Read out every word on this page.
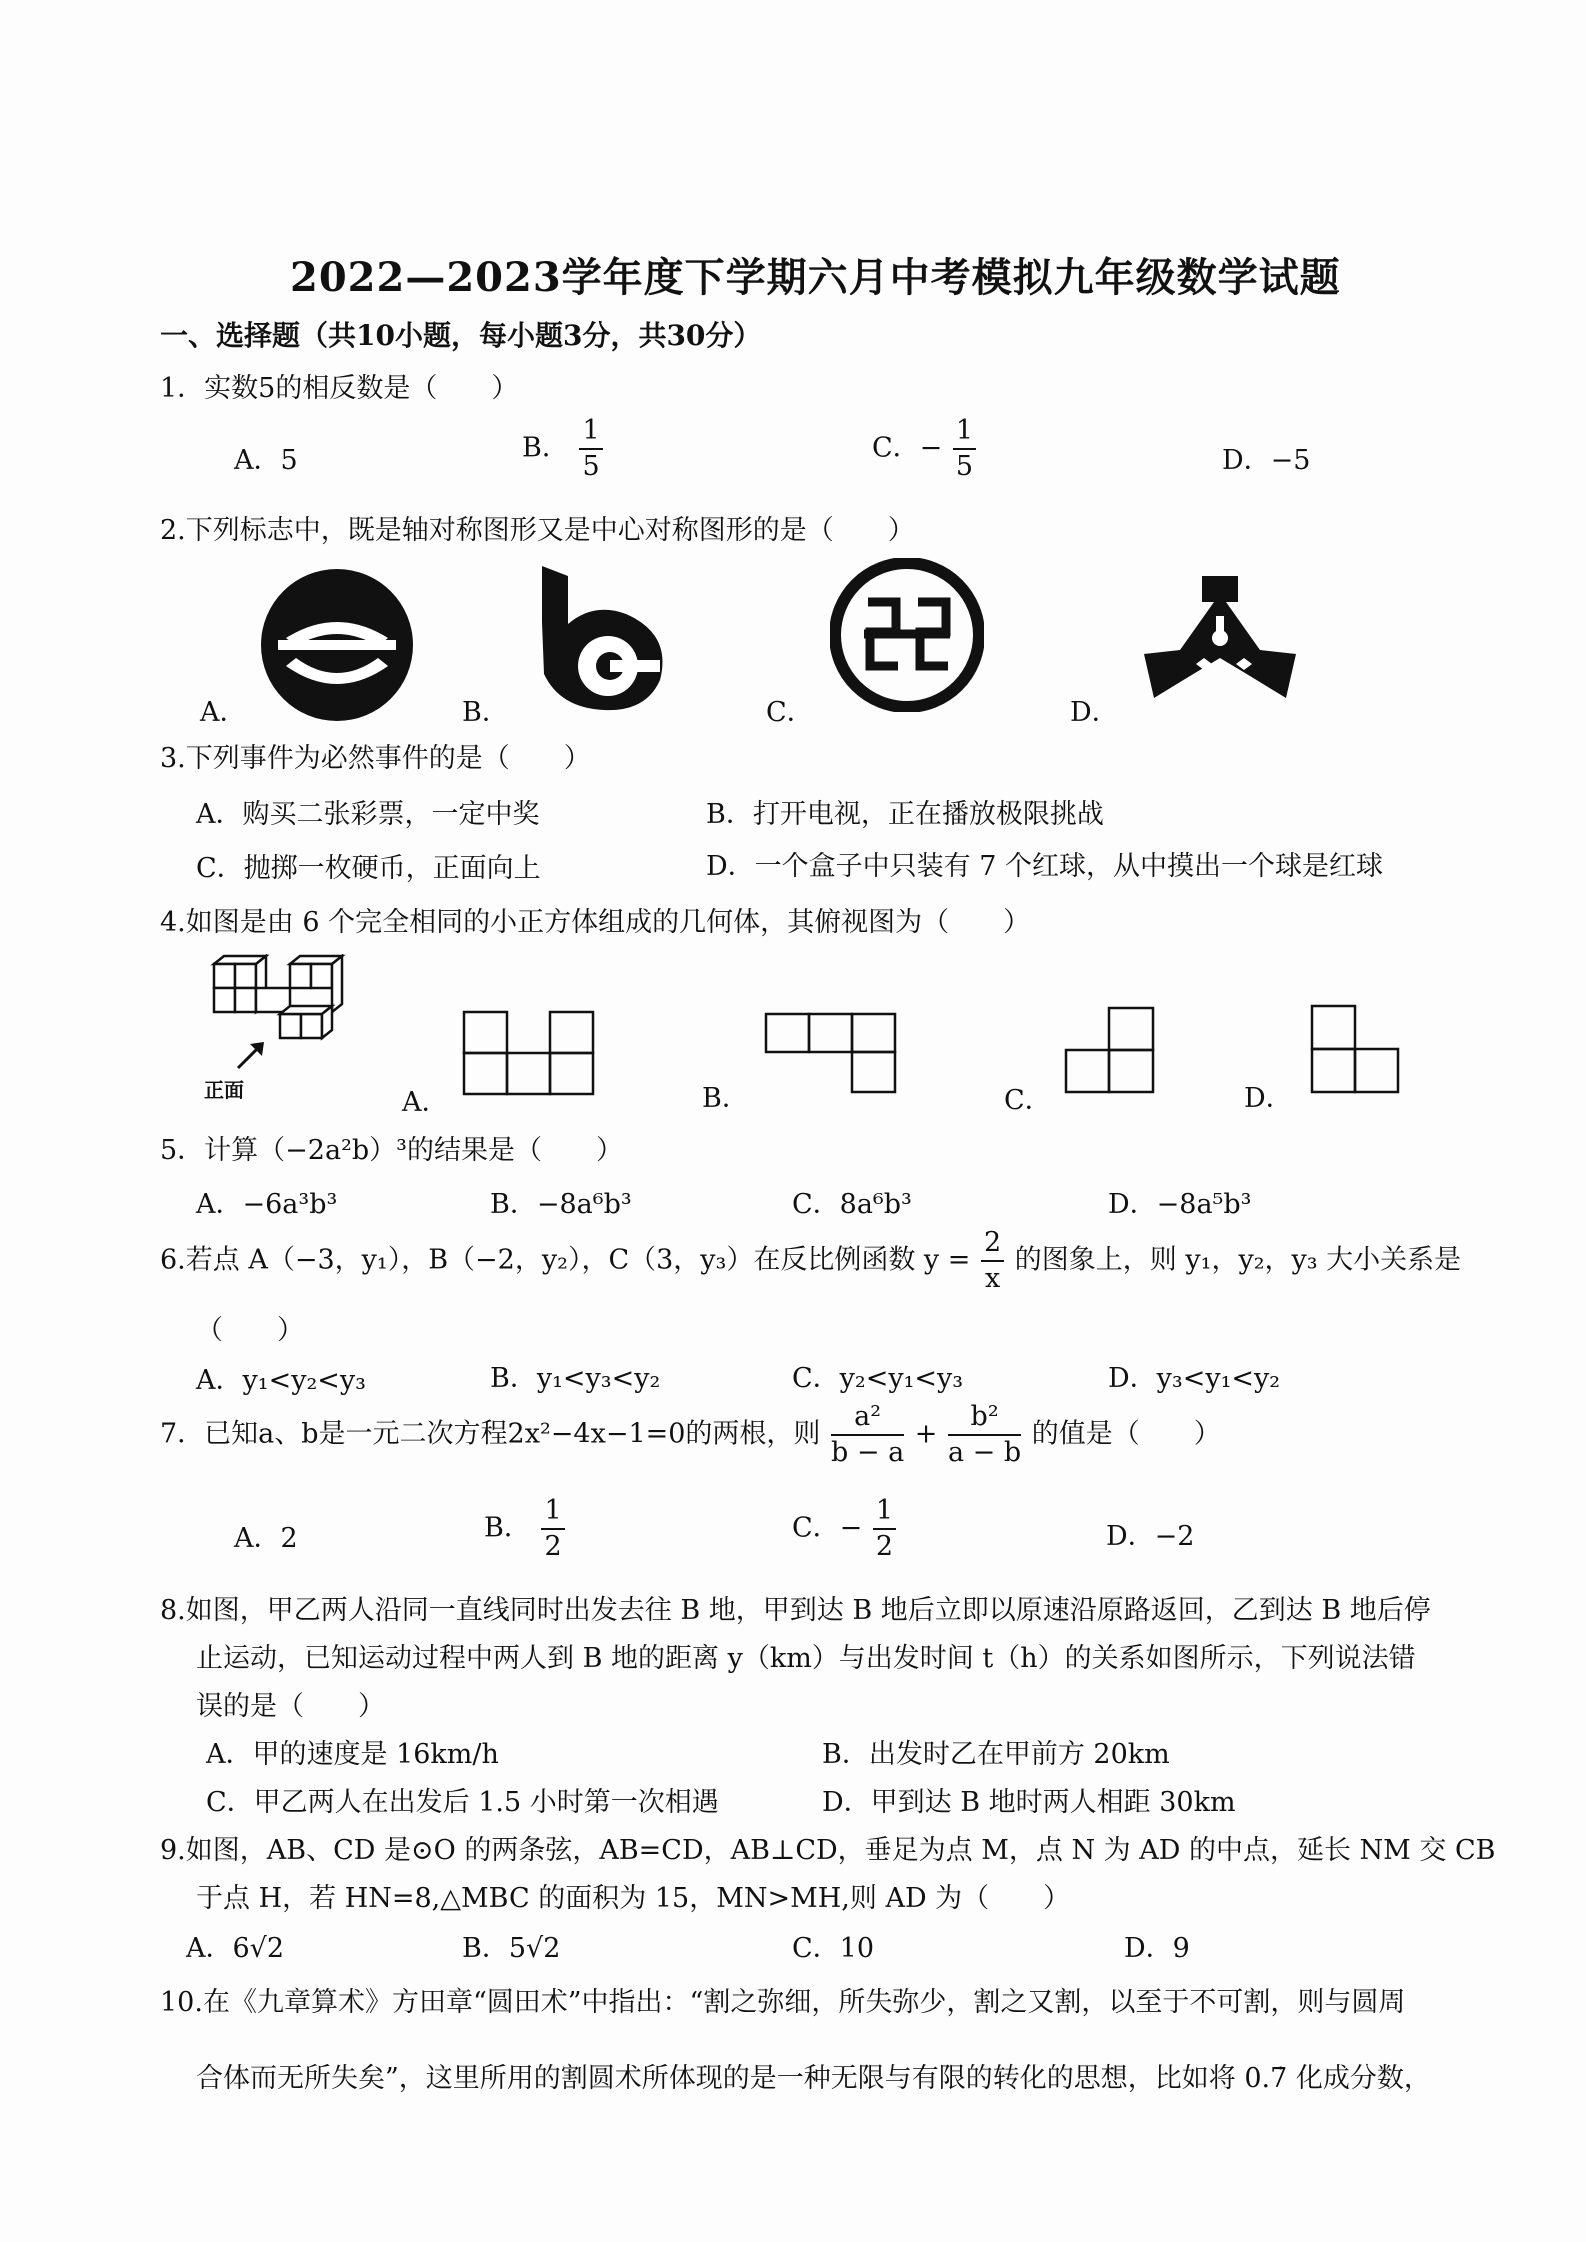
2022—2023学年度下学期六月中考模拟九年级数学试题
一、选择题（共10小题，每小题3分，共30分）
1．实数5的相反数是（　　）
A．5	B． $\frac{1}{5}$	C．− $\frac{1}{5}$	D．−5
2.下列标志中，既是轴对称图形又是中心对称图形的是（　　）
A．	B．	C．	D．
3.下列事件为必然事件的是（　　）
A．购买二张彩票，一定中奖	B．打开电视，正在播放极限挑战
C．抛掷一枚硬币，正面向上	D．一个盒子中只装有 7 个红球，从中摸出一个球是红球
4.如图是由 6 个完全相同的小正方体组成的几何体，其俯视图为（　　）
正面	A．	B．	C．	D．
5．计算（−2a²b）³的结果是（　　）
A．−6a³b³	B．−8a⁶b³	C．8a⁶b³	D．−8a⁵b³
6.若点 A（−3，y₁），B（−2，y₂），C（3，y₃）在反比例函数 $y = \frac{2}{x}$ 的图象上，则 y₁，y₂，y₃ 大小关系是
（　　）
A．y₁<y₂<y₃	B．y₁<y₃<y₂	C．y₂<y₁<y₃	D．y₃<y₁<y₂
7．已知a、b是一元二次方程2x²−4x−1=0的两根，则 $\frac{\text{a²}}{b - a} + \frac{\text{b²}}{a - b}$ 的值是（　　）
A．2	B． $\frac{1}{2}$	C．− $\frac{1}{2}$	D．−2
8.如图，甲乙两人沿同一直线同时出发去往 B 地，甲到达 B 地后立即以原速沿原路返回，乙到达 B 地后停
止运动，已知运动过程中两人到 B 地的距离 y（km）与出发时间 t（h）的关系如图所示，下列说法错
误的是（　　）
A．甲的速度是 16km/h	B．出发时乙在甲前方 20km
C．甲乙两人在出发后 1.5 小时第一次相遇	D．甲到达 B 地时两人相距 30km
9.如图，AB、CD 是⊙O 的两条弦，AB=CD，AB⊥CD，垂足为点 M，点 N 为 AD 的中点，延长 NM 交 CB
于点 H，若 HN=8,△MBC 的面积为 15，MN>MH,则 AD 为（　　）
A．6√2	B．5√2	C．10	D．9
10.在《九章算术》方田章“圆田术”中指出：“割之弥细，所失弥少，割之又割，以至于不可割，则与圆周
合体而无所失矣”，这里所用的割圆术所体现的是一种无限与有限的转化的思想，比如将 0.7̇ 化成分数，
